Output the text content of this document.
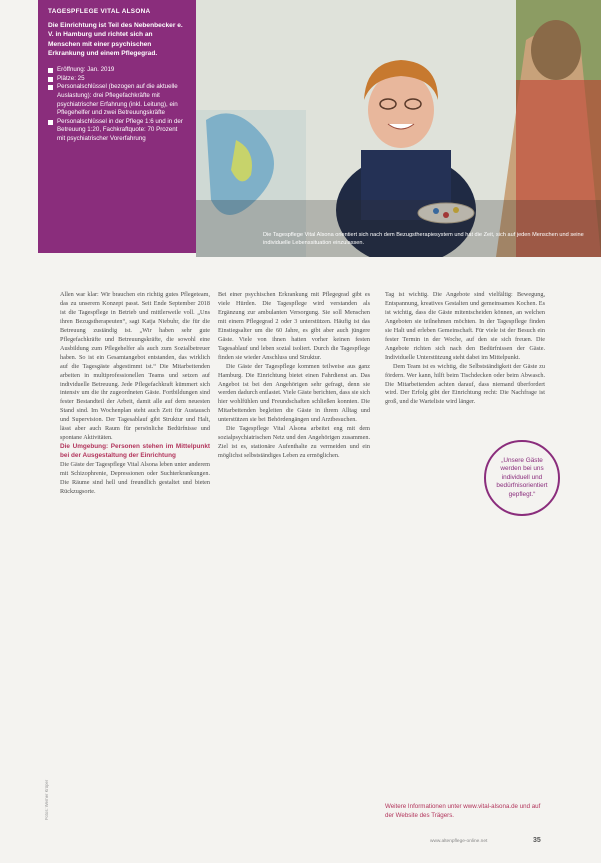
TAGESPFLEGE VITAL ALSONA
Die Einrichtung ist Teil des Nebenbecker e. V. in Hamburg und richtet sich an Menschen mit einer psychischen Erkrankung und einem Pflegegrad.
Eröffnung: Jan. 2019
Plätze: 25
Personalschlüssel (bezogen auf die aktuelle Auslastung): drei Pflegefachkräfte mit psychiatrischer Erfahrung (inkl. Leitung), ein Pflegehelfer und zwei Betreuungskräfte
Personalschlüssel in der Pflege 1:6 und in der Betreuung 1:20, Fachkraftquote: 70 Prozent mit psychiatrischer Vorerfahrung
Die Tagespflege Vital Alsona orientiert sich nach dem Bezugstherapiesystem und hat die Zeit, sich auf jeden Menschen und seine individuelle Lebenssituation einzulassen.

Allen war klar: Wir brauchen ein richtig gutes Pflegeteam, das zu unserem Konzept passt. Seit Ende September 2018 ist die Tagespflege in Betrieb und mittlerweile voll. „Uns ihren Bezugstherapeuten“, sagt Katja Niebuhr, die für die Betreuung zuständig ist. „Wir haben sehr gute Pflegefachkräfte und Betreuungskräfte, die sowohl eine Ausbildung zum Pflegehelfer als auch zum Sozialbetreuer haben. So ist ein Gesamtangebot entstanden, das wirklich auf die Tagesgäste abgestimmt ist.“ Die Mitarbeitenden arbeiten in multiprofessionellen Teams und setzen auf individuelle Betreuung. Jede Pflegefachkraft kümmert sich intensiv um die ihr zugeordneten Gäste. Fortbildungen sind fester Bestandteil der Arbeit, damit alle auf dem neuesten Stand sind. Im Wochenplan steht auch Zeit für Austausch und Supervision. Der Tagesablauf gibt Struktur und Halt, lässt aber auch Raum für persönliche Bedürfnisse und spontane Aktivitäten.

Die Umgebung: Personen stehen im Mittelpunkt bei der Ausgestaltung der Einrichtung

Die Gäste der Tagespflege Vital Alsona leben unter anderem mit Schizophrenie, Depressionen oder Suchterkrankungen. Die Räume sind hell und freundlich gestaltet und bieten Rückzugsorte.

Bei einer psychischen Erkrankung mit Pflegegrad gibt es viele Hürden. Die Tagespflege wird verstanden als Ergänzung zur ambulanten Versorgung. Sie soll Menschen mit einem Pflegegrad 2 oder 3 unterstützen. Häufig ist das Einstiegsalter um die 60 Jahre, es gibt aber auch jüngere Gäste. Viele von ihnen hatten vorher keinen festen Tagesablauf und leben sozial isoliert. Durch die Tagespflege finden sie wieder Anschluss und Struktur.

Die Gäste der Tagespflege kommen teilweise aus ganz Hamburg. Die Einrichtung bietet einen Fahrdienst an. Das Angebot ist bei den Angehörigen sehr gefragt, denn sie werden dadurch entlastet. Viele Gäste berichten, dass sie sich hier wohlfühlen und Freundschaften schließen konnten. Die Mitarbeitenden begleiten die Gäste in ihrem Alltag und unterstützen sie bei Behördengängen und Arztbesuchen.

Die Tagespflege Vital Alsona arbeitet eng mit dem sozialpsychiatrischen Netz und den Angehörigen zusammen. Ziel ist es, stationäre Aufenthalte zu vermeiden und ein möglichst selbstständiges Leben zu ermöglichen.

Tag ist wichtig. Die Angebote sind vielfältig: Bewegung, Entspannung, kreatives Gestalten und gemeinsames Kochen. Es ist wichtig, dass die Gäste mitentscheiden können, an welchen Angeboten sie teilnehmen möchten. In der Tagespflege finden sie Halt und erleben Gemeinschaft. Für viele ist der Besuch ein fester Termin in der Woche, auf den sie sich freuen. Die Angebote richten sich nach den Bedürfnissen der Gäste. Individuelle Unterstützung steht dabei im Mittelpunkt.

Dem Team ist es wichtig, die Selbstständigkeit der Gäste zu fördern. Wer kann, hilft beim Tischdecken oder beim Abwasch. Die Mitarbeitenden achten darauf, dass niemand überfordert wird. Der Erfolg gibt der Einrichtung recht: Die Nachfrage ist groß, und die Warteliste wird länger.

„Unsere Gäste werden bei uns individuell und bedürfnisorientiert gepflegt.“
Weitere Informationen unter www.vital-alsona.de und auf der Website des Trägers.
www.altenpflege-online.net	35
Fotos: Werner Krüper
